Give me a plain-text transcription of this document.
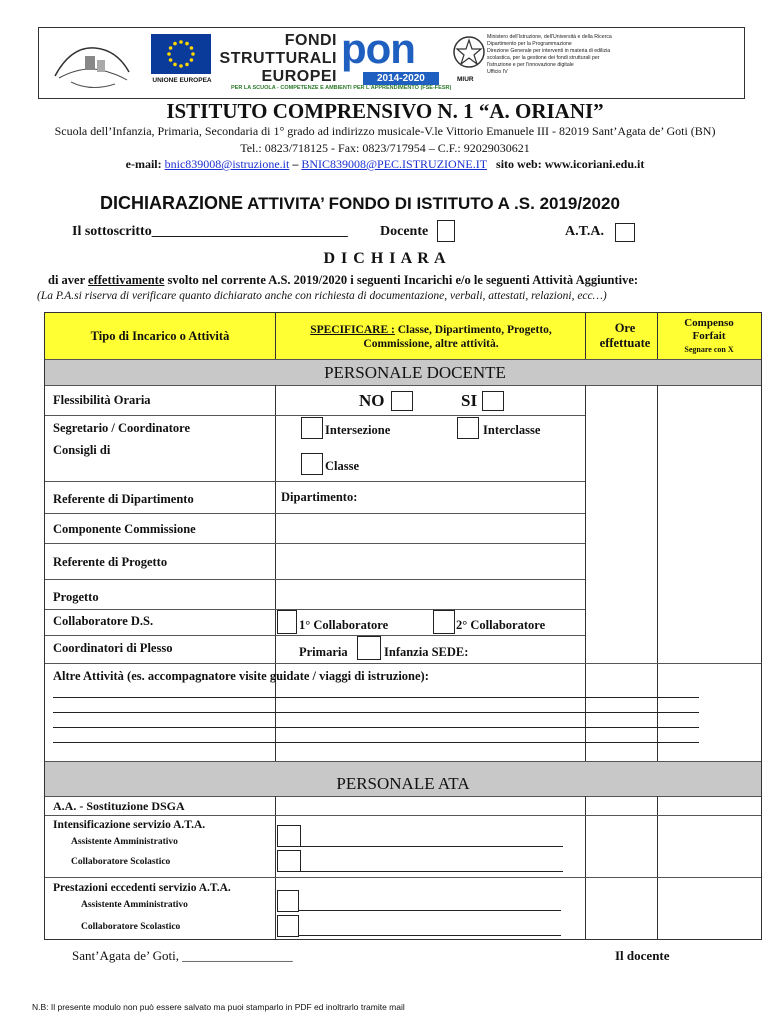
UNIONE EUROPEA
FONDI
STRUTTURALI
EUROPEI
pon
2014-2020
PER LA SCUOLA - COMPETENZE E AMBIENTI PER L'APPRENDIMENTO (FSE-FESR)
MIUR
Ministero dell'Istruzione, dell'Università e della Ricerca
Dipartimento per la Programmazione
Direzione Generale per interventi in materia di edilizia
scolastica, per la gestione dei fondi strutturali per
l'istruzione e per l'innovazione digitale
Ufficio IV
ISTITUTO COMPRENSIVO N. 1 “A. ORIANI”
Scuola dell’Infanzia, Primaria, Secondaria di 1° grado ad indirizzo musicale-V.le Vittorio Emanuele III - 82019 Sant’Agata de’ Goti (BN)
Tel.: 0823/718125 - Fax: 0823/717954 – C.F.: 92029030621
e-mail: bnic839008@istruzione.it – BNIC839008@PEC.ISTRUZIONE.IT sito web: www.icoriani.edu.it
DICHIARAZIONE ATTIVITA’ FONDO DI ISTITUTO A .S. 2019/2020
Il sottoscritto____________________________ Docente	A.T.A.
D I C H I A R A
di aver effettivamente svolto nel corrente A.S. 2019/2020 i seguenti Incarichi e/o le seguenti Attività Aggiuntive:
(La P.A.si riserva di verificare quanto dichiarato anche con richiesta di documentazione, verbali, attestati, relazioni, ecc…)
Tipo di Incarico o Attività	SPECIFICARE : Classe, Dipartimento, Progetto,
Commissione, altre attività.
Ore
effettuate
Compenso
Forfait
Segnare con X
PERSONALE DOCENTE
Flessibilità Oraria	NO	SI
Segretario / Coordinatore
Consigli di
Intersezione	Interclasse
Classe
Referente di Dipartimento	Dipartimento:
Componente Commissione
Referente di Progetto
Progetto
Collaboratore D.S.	1° Collaboratore	2° Collaboratore
Coordinatori di Plesso	Primaria	Infanzia SEDE:
Altre Attività (es. accompagnatore visite guidate / viaggi di istruzione):
PERSONALE ATA
A.A. - Sostituzione DSGA
Intensificazione servizio A.T.A.
Assistente Amministrativo
Collaboratore Scolastico
Prestazioni eccedenti servizio A.T.A.
Assistente Amministrativo
Collaboratore Scolastico
Sant’Agata de’ Goti, _________________	Il docente
N.B: Il presente modulo non può essere salvato ma puoi stamparlo in PDF ed inoltrarlo tramite mail
